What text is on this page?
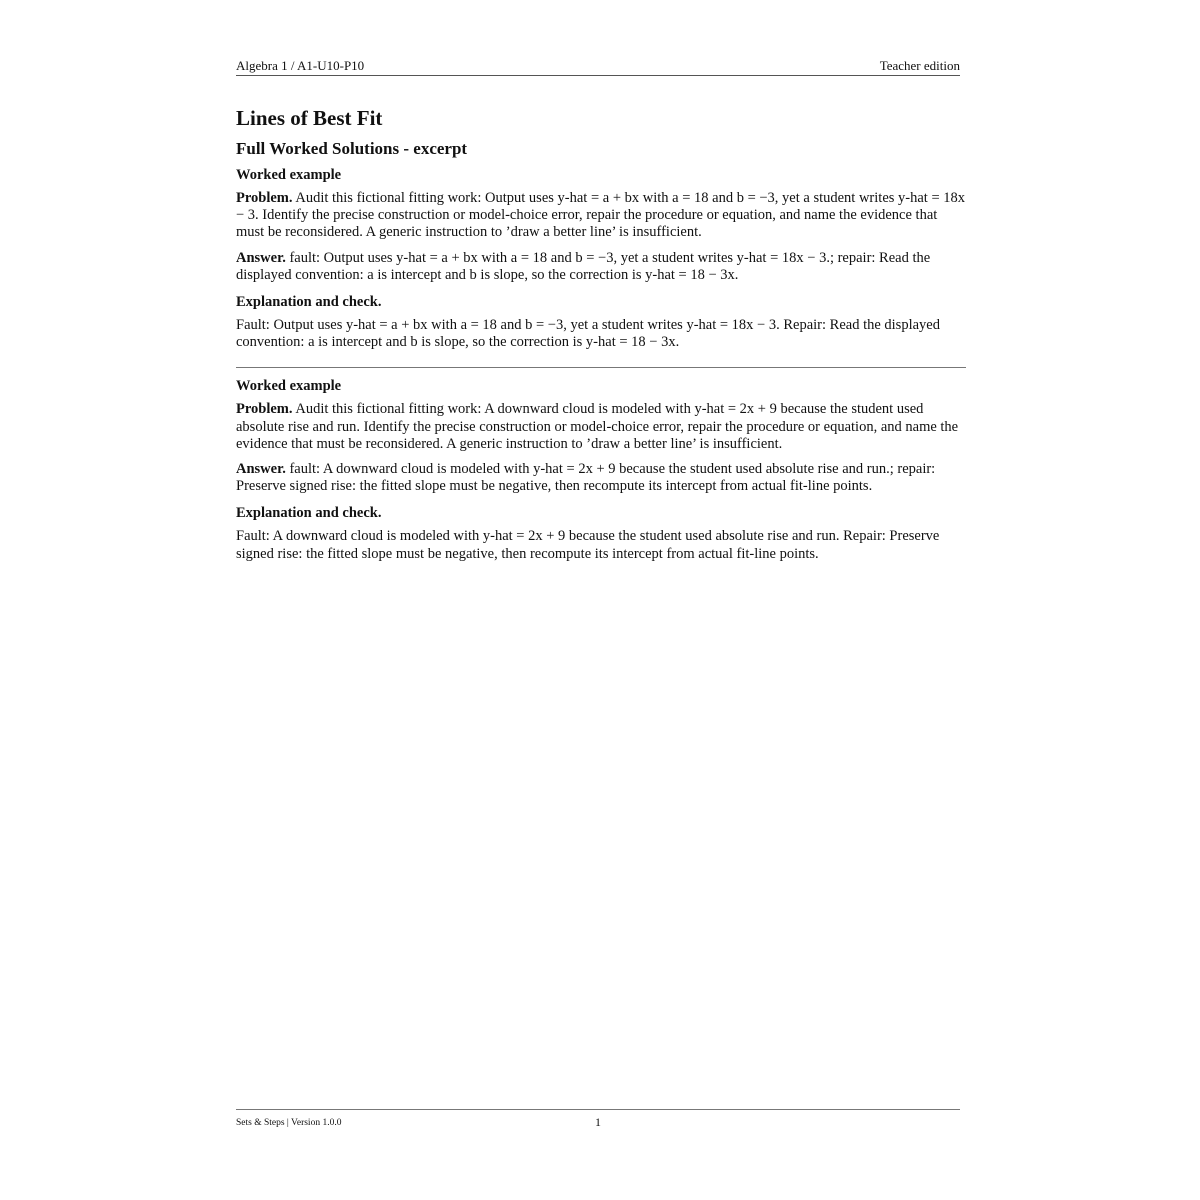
Algebra 1 / A1-U10-P10	Teacher edition
Lines of Best Fit
Full Worked Solutions - excerpt
Worked example

Problem. Audit this fictional fitting work: Output uses y-hat = a + bx with a = 18 and b = −3, yet a student writes y-hat = 18x − 3. Identify the precise construction or model-choice error, repair the procedure or equation, and name the evidence that must be reconsidered. A generic instruction to ’draw a better line’ is insufficient.

Answer. fault: Output uses y-hat = a + bx with a = 18 and b = −3, yet a student writes y-hat = 18x − 3.; repair: Read the displayed convention: a is intercept and b is slope, so the correction is y-hat = 18 − 3x.

Explanation and check.

Fault: Output uses y-hat = a + bx with a = 18 and b = −3, yet a student writes y-hat = 18x − 3. Repair: Read the displayed convention: a is intercept and b is slope, so the correction is y-hat = 18 − 3x.

Worked example

Problem. Audit this fictional fitting work: A downward cloud is modeled with y-hat = 2x + 9 because the student used absolute rise and run. Identify the precise construction or model-choice error, repair the procedure or equation, and name the evidence that must be reconsidered. A generic instruction to ’draw a better line’ is insufficient.

Answer. fault: A downward cloud is modeled with y-hat = 2x + 9 because the student used absolute rise and run.; repair: Preserve signed rise: the fitted slope must be negative, then recompute its intercept from actual fit-line points.

Explanation and check.

Fault: A downward cloud is modeled with y-hat = 2x + 9 because the student used absolute rise and run. Repair: Preserve signed rise: the fitted slope must be negative, then recompute its intercept from actual fit-line points.

Sets & Steps | Version 1.0.0	1
